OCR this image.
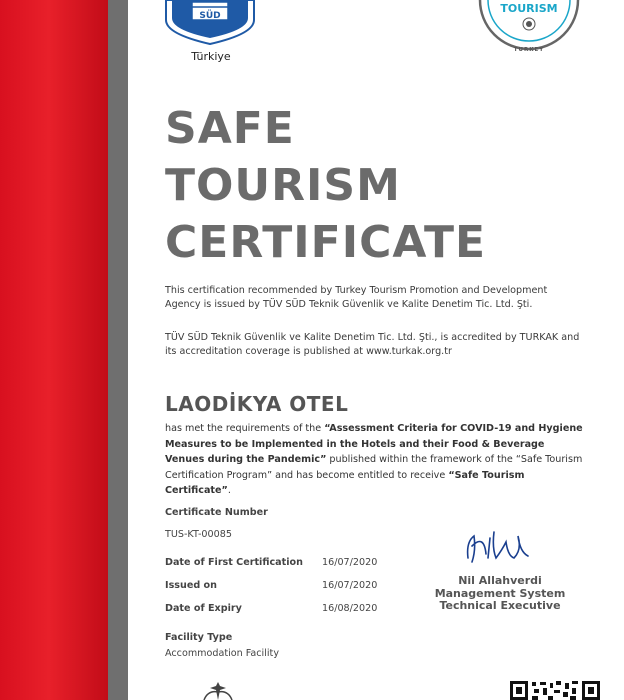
SÜD
Türkiye
TOURISM
TURKEY
SAFE
TOURISM
CERTIFICATE

This certification recommended by Turkey Tourism Promotion and Development Agency is issued by TÜV SÜD Teknik Güvenlik ve Kalite Denetim Tic. Ltd. Şti.

TÜV SÜD Teknik Güvenlik ve Kalite Denetim Tic. Ltd. Şti., is accredited by TURKAK and its accreditation coverage is published at www.turkak.org.tr

LAODİKYA OTEL

has met the requirements of the “Assessment Criteria for COVID-19 and Hygiene Measures to be Implemented in the Hotels and their Food & Beverage Venues during the Pandemic” published within the framework of the “Safe Tourism Certification Program” and has become entitled to receive “Safe Tourism Certificate”.

Certificate Number
TUS-KT-00085
Date of First Certification 16/07/2020
Issued on	16/07/2020
Date of Expiry	16/08/2020
Facility Type
Accommodation Facility
Nil Allahverdi
Management System
Technical Executive
